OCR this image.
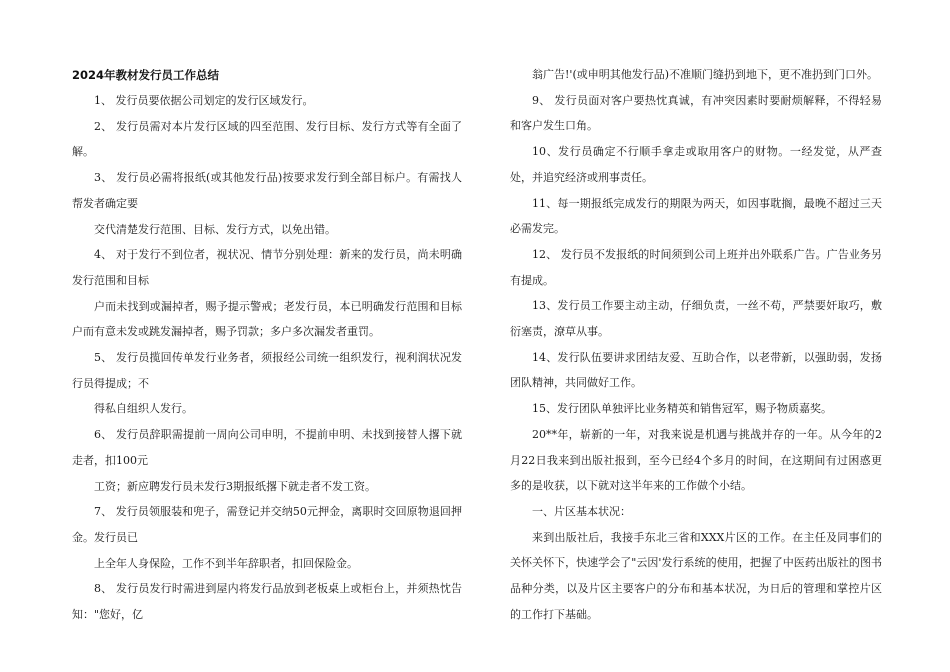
2024年教材发行员工作总结

1、 发行员要依据公司划定的发行区域发行。

2、 发行员需对本片发行区域的四至范围、发行目标、发行方式等有全面了解。

3、 发行员必需将报纸(或其他发行品)按要求发行到全部目标户。有需找人帮发者确定要

交代清楚发行范围、目标、发行方式，以免出错。

4、 对于发行不到位者，视状况、情节分别处理：新来的发行员，尚未明确发行范围和目标

户而未找到或漏掉者，赐予提示警戒；老发行员，本已明确发行范围和目标户而有意未发或跳发漏掉者，赐予罚款；多户多次漏发者重罚。

5、 发行员揽回传单发行业务者，须报经公司统一组织发行，视利润状况发行员得提成；不

得私自组织人发行。

6、 发行员辞职需提前一周向公司申明，不提前申明、未找到接替人撂下就走者，扣100元

工资；新应聘发行员未发行3期报纸撂下就走者不发工资。

7、 发行员领服装和兜子，需登记并交纳50元押金，离职时交回原物退回押金。发行员已

上全年人身保险，工作不到半年辞职者，扣回保险金。

8、 发行员发行时需进到屋内将发行品放到老板桌上或柜台上，并须热忱告知："您好，亿

翁广告!'(或申明其他发行品)不准顺门缝扔到地下，更不准扔到门口外。

9、 发行员面对客户要热忱真诚，有冲突因素时要耐烦解释，不得轻易和客户发生口角。

10、发行员确定不行顺手拿走或取用客户的财物。一经发觉，从严查处，并追究经济或刑事责任。

11、每一期报纸完成发行的期限为两天，如因事耽搁，最晚不超过三天必需发完。

12、 发行员不发报纸的时间须到公司上班并出外联系广告。广告业务另有提成。

13、发行员工作要主动主动，仔细负责，一丝不苟，严禁要奸取巧，敷衍塞责，潦草从事。

14、发行队伍要讲求团结友爱、互助合作，以老带新，以强助弱，发扬团队精神，共同做好工作。

15、发行团队单独评比业务精英和销售冠军，赐予物质嘉奖。

20**年，崭新的一年，对我来说是机遇与挑战并存的一年。从今年的2月22日我来到出版社报到，至今已经4个多月的时间，在这期间有过困惑更多的是收获，以下就对这半年来的工作做个小结。

一、片区基本状况：

来到出版社后，我接手东北三省和XXX片区的工作。在主任及同事们的关怀关怀下，快速学会了"云因'发行系统的使用，把握了中医药出版社的图书品种分类，以及片区主要客户的分布和基本状况，为日后的管理和掌控片区的工作打下基础。
